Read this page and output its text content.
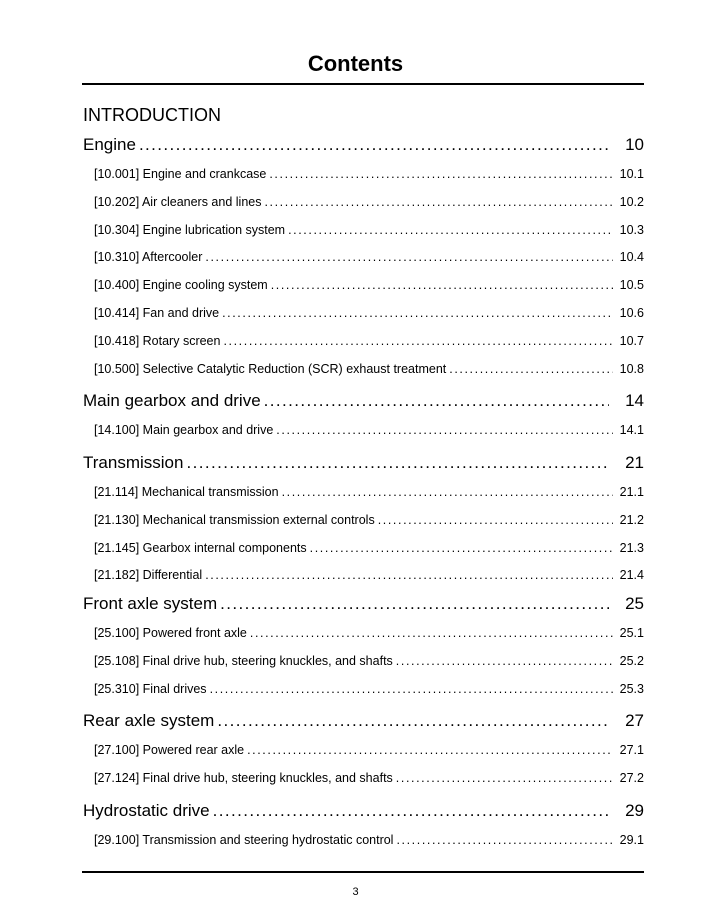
Contents
INTRODUCTION
Engine .....	10
[10.001] Engine and crankcase .....	10.1
[10.202] Air cleaners and lines .....	10.2
[10.304] Engine lubrication system .....	10.3
[10.310] Aftercooler .....	10.4
[10.400] Engine cooling system .....	10.5
[10.414] Fan and drive .....	10.6
[10.418] Rotary screen .....	10.7
[10.500] Selective Catalytic Reduction (SCR) exhaust treatment .....	10.8
Main gearbox and drive .....	14
[14.100] Main gearbox and drive .....	14.1
Transmission .....	21
[21.114] Mechanical transmission .....	21.1
[21.130] Mechanical transmission external controls .....	21.2
[21.145] Gearbox internal components .....	21.3
[21.182] Differential .....	21.4
Front axle system .....	25
[25.100] Powered front axle .....	25.1
[25.108] Final drive hub, steering knuckles, and shafts .....	25.2
[25.310] Final drives .....	25.3
Rear axle system .....	27
[27.100] Powered rear axle .....	27.1
[27.124] Final drive hub, steering knuckles, and shafts .....	27.2
Hydrostatic drive .....	29
[29.100] Transmission and steering hydrostatic control .....	29.1
3
